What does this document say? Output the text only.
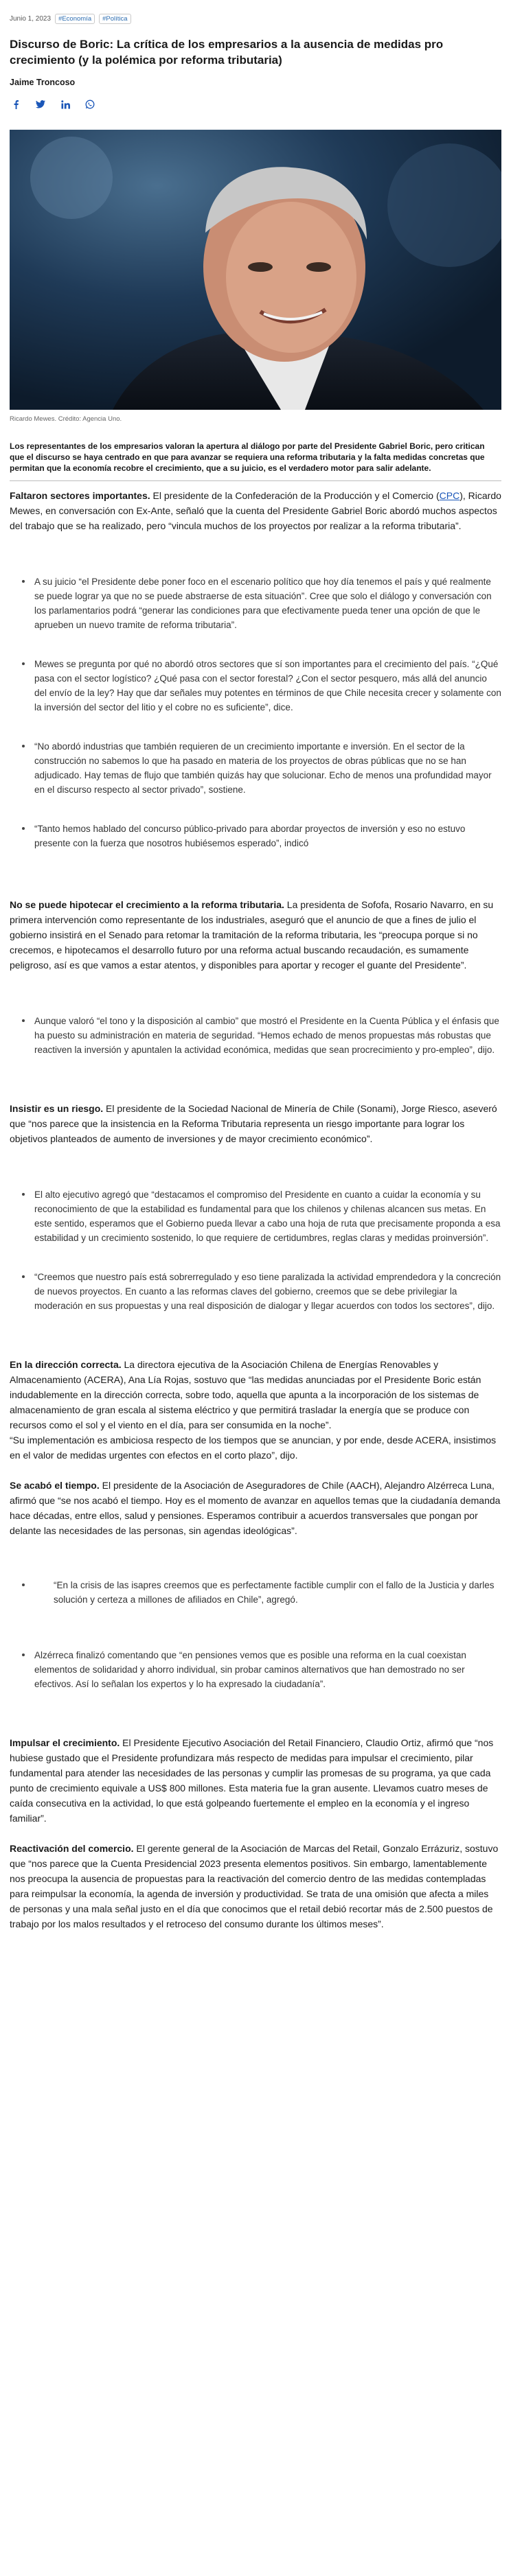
Junio 1, 2023	#Economía	#Política
Discurso de Boric: La crítica de los empresarios a la ausencia de medidas pro crecimiento (y la polémica por reforma tributaria)
Jaime Troncoso
Ricardo Mewes. Crédito: Agencia Uno.
Los representantes de los empresarios valoran la apertura al diálogo por parte del Presidente Gabriel Boric, pero critican que el discurso se haya centrado en que para avanzar se requiera una reforma tributaria y la falta medidas concretas que permitan que la economía recobre el crecimiento, que a su juicio, es el verdadero motor para salir adelante.

Faltaron sectores importantes. El presidente de la Confederación de la Producción y el Comercio (CPC), Ricardo Mewes, en conversación con Ex-Ante, señaló que la cuenta del Presidente Gabriel Boric abordó muchos aspectos del trabajo que se ha realizado, pero “vincula muchos de los proyectos por realizar a la reforma tributaria”.

A su juicio “el Presidente debe poner foco en el escenario político que hoy día tenemos el país y qué realmente se puede lograr ya que no se puede abstraerse de esta situación”. Cree que solo el diálogo y conversación con los parlamentarios podrá “generar las condiciones para que efectivamente pueda tener una opción de que le aprueben un nuevo tramite de reforma tributaria”.
Mewes se pregunta por qué no abordó otros sectores que sí son importantes para el crecimiento del país. “¿Qué pasa con el sector logístico? ¿Qué pasa con el sector forestal? ¿Con el sector pesquero, más allá del anuncio del envío de la ley? Hay que dar señales muy potentes en términos de que Chile necesita crecer y solamente con la inversión del sector del litio y el cobre no es suficiente”, dice.
“No abordó industrias que también requieren de un crecimiento importante e inversión. En el sector de la construcción no sabemos lo que ha pasado en materia de los proyectos de obras públicas que no se han adjudicado. Hay temas de flujo que también quizás hay que solucionar. Echo de menos una profundidad mayor en el discurso respecto al sector privado”, sostiene.
“Tanto hemos hablado del concurso público-privado para abordar proyectos de inversión y eso no estuvo presente con la fuerza que nosotros hubiésemos esperado”, indicó

No se puede hipotecar el crecimiento a la reforma tributaria. La presidenta de Sofofa, Rosario Navarro, en su primera intervención como representante de los industriales, aseguró que el anuncio de que a fines de julio el gobierno insistirá en el Senado para retomar la tramitación de la reforma tributaria, les “preocupa porque si no crecemos, e hipotecamos el desarrollo futuro por una reforma actual buscando recaudación, es sumamente peligroso, así es que vamos a estar atentos, y disponibles para aportar y recoger el guante del Presidente”.

Aunque valoró “el tono y la disposición al cambio” que mostró el Presidente en la Cuenta Pública y el énfasis que ha puesto su administración en materia de seguridad. “Hemos echado de menos propuestas más robustas que reactiven la inversión y apuntalen la actividad económica, medidas que sean procrecimiento y pro-empleo”, dijo.

Insistir es un riesgo. El presidente de la Sociedad Nacional de Minería de Chile (Sonami), Jorge Riesco, aseveró que “nos parece que la insistencia en la Reforma Tributaria representa un riesgo importante para lograr los objetivos planteados de aumento de inversiones y de mayor crecimiento económico”.

El alto ejecutivo agregó que “destacamos el compromiso del Presidente en cuanto a cuidar la economía y su reconocimiento de que la estabilidad es fundamental para que los chilenos y chilenas alcancen sus metas. En este sentido, esperamos que el Gobierno pueda llevar a cabo una hoja de ruta que precisamente proponda a esa estabilidad y un crecimiento sostenido, lo que requiere de certidumbres, reglas claras y medidas proinversión”.
“Creemos que nuestro país está sobrerregulado y eso tiene paralizada la actividad emprendedora y la concreción de nuevos proyectos. En cuanto a las reformas claves del gobierno, creemos que se debe privilegiar la moderación en sus propuestas y una real disposición de dialogar y llegar acuerdos con todos los sectores”, dijo.

En la dirección correcta. La directora ejecutiva de la Asociación Chilena de Energías Renovables y Almacenamiento (ACERA), Ana Lía Rojas, sostuvo que “las medidas anunciadas por el Presidente Boric están indudablemente en la dirección correcta, sobre todo, aquella que apunta a la incorporación de los sistemas de almacenamiento de gran escala al sistema eléctrico y que permitirá trasladar la energía que se produce con recursos como el sol y el viento en el día, para ser consumida en la noche”.

“Su implementación es ambiciosa respecto de los tiempos que se anuncian, y por ende, desde ACERA, insistimos en el valor de medidas urgentes con efectos en el corto plazo”, dijo.

Se acabó el tiempo. El presidente de la Asociación de Aseguradores de Chile (AACH), Alejandro Alzérreca Luna, afirmó que “se nos acabó el tiempo. Hoy es el momento de avanzar en aquellos temas que la ciudadanía demanda hace décadas, entre ellos, salud y pensiones. Esperamos contribuir a acuerdos transversales que pongan por delante las necesidades de las personas, sin agendas ideológicas”.

“En la crisis de las isapres creemos que es perfectamente factible cumplir con el fallo de la Justicia y darles solución y certeza a millones de afiliados en Chile”, agregó.
Alzérreca finalizó comentando que “en pensiones vemos que es posible una reforma en la cual coexistan elementos de solidaridad y ahorro individual, sin probar caminos alternativos que han demostrado no ser efectivos. Así lo señalan los expertos y lo ha expresado la ciudadanía”.

Impulsar el crecimiento. El Presidente Ejecutivo Asociación del Retail Financiero, Claudio Ortiz, afirmó que “nos hubiese gustado que el Presidente profundizara más respecto de medidas para impulsar el crecimiento, pilar fundamental para atender las necesidades de las personas y cumplir las promesas de su programa, ya que cada punto de crecimiento equivale a US$ 800 millones. Esta materia fue la gran ausente. Llevamos cuatro meses de caída consecutiva en la actividad, lo que está golpeando fuertemente el empleo en la economía y el ingreso familiar”.

Reactivación del comercio. El gerente general de la Asociación de Marcas del Retail, Gonzalo Errázuriz, sostuvo que “nos parece que la Cuenta Presidencial 2023 presenta elementos positivos. Sin embargo, lamentablemente nos preocupa la ausencia de propuestas para la reactivación del comercio dentro de las medidas contempladas para reimpulsar la economía, la agenda de inversión y productividad. Se trata de una omisión que afecta a miles de personas y una mala señal justo en el día que conocimos que el retail debió recortar más de 2.500 puestos de trabajo por los malos resultados y el retroceso del consumo durante los últimos meses”.
